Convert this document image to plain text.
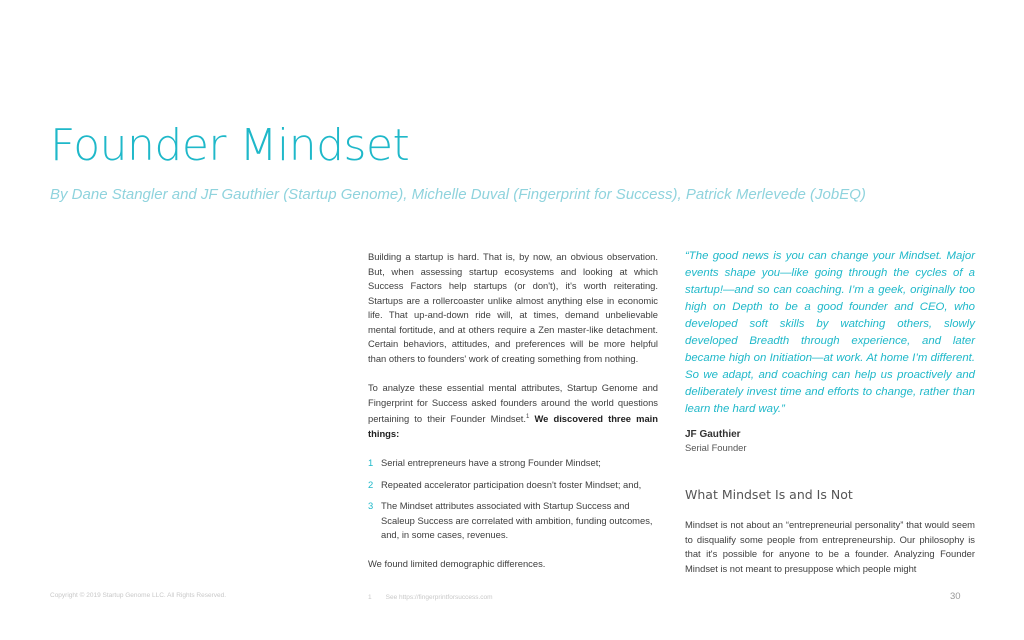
Founder Mindset

By Dane Stangler and JF Gauthier (Startup Genome), Michelle Duval (Fingerprint for Success), Patrick Merlevede (JobEQ)

Building a startup is hard. That is, by now, an obvious observation. But, when assessing startup ecosystems and looking at which Success Factors help startups (or don't), it's worth reiterating. Startups are a rollercoaster unlike almost anything else in economic life. That up-and-down ride will, at times, demand unbelievable mental fortitude, and at others require a Zen master-like detachment. Certain behaviors, attitudes, and preferences will be more helpful than others to founders' work of creating something from nothing.

To analyze these essential mental attributes, Startup Genome and Fingerprint for Success asked founders around the world questions pertaining to their Founder Mindset.$^1$ We discovered three main things:

1 Serial entrepreneurs have a strong Founder Mindset;
2 Repeated accelerator participation doesn't foster Mindset; and,
3 The Mindset attributes associated with Startup Success and Scaleup Success are correlated with ambition, funding outcomes, and, in some cases, revenues.

We found limited demographic differences.

“The good news is you can change your Mindset. Major events shape you—like going through the cycles of a startup!—and so can coaching. I’m a geek, originally too high on Depth to be a good founder and CEO, who developed soft skills by watching others, slowly developed Breadth through experience, and later became high on Initiation—at work. At home I’m different. So we adapt, and coaching can help us proactively and deliberately invest time and efforts to change, rather than learn the hard way.”

JF Gauthier

Serial Founder

What Mindset Is and Is Not

Mindset is not about an “entrepreneurial personality” that would seem to disqualify some people from entrepreneurship. Our philosophy is that it's possible for anyone to be a founder. Analyzing Founder Mindset is not meant to presuppose which people might

Copyright © 2019 Startup Genome LLC. All Rights Reserved.	1 See https://fingerprintforsuccess.com	30
